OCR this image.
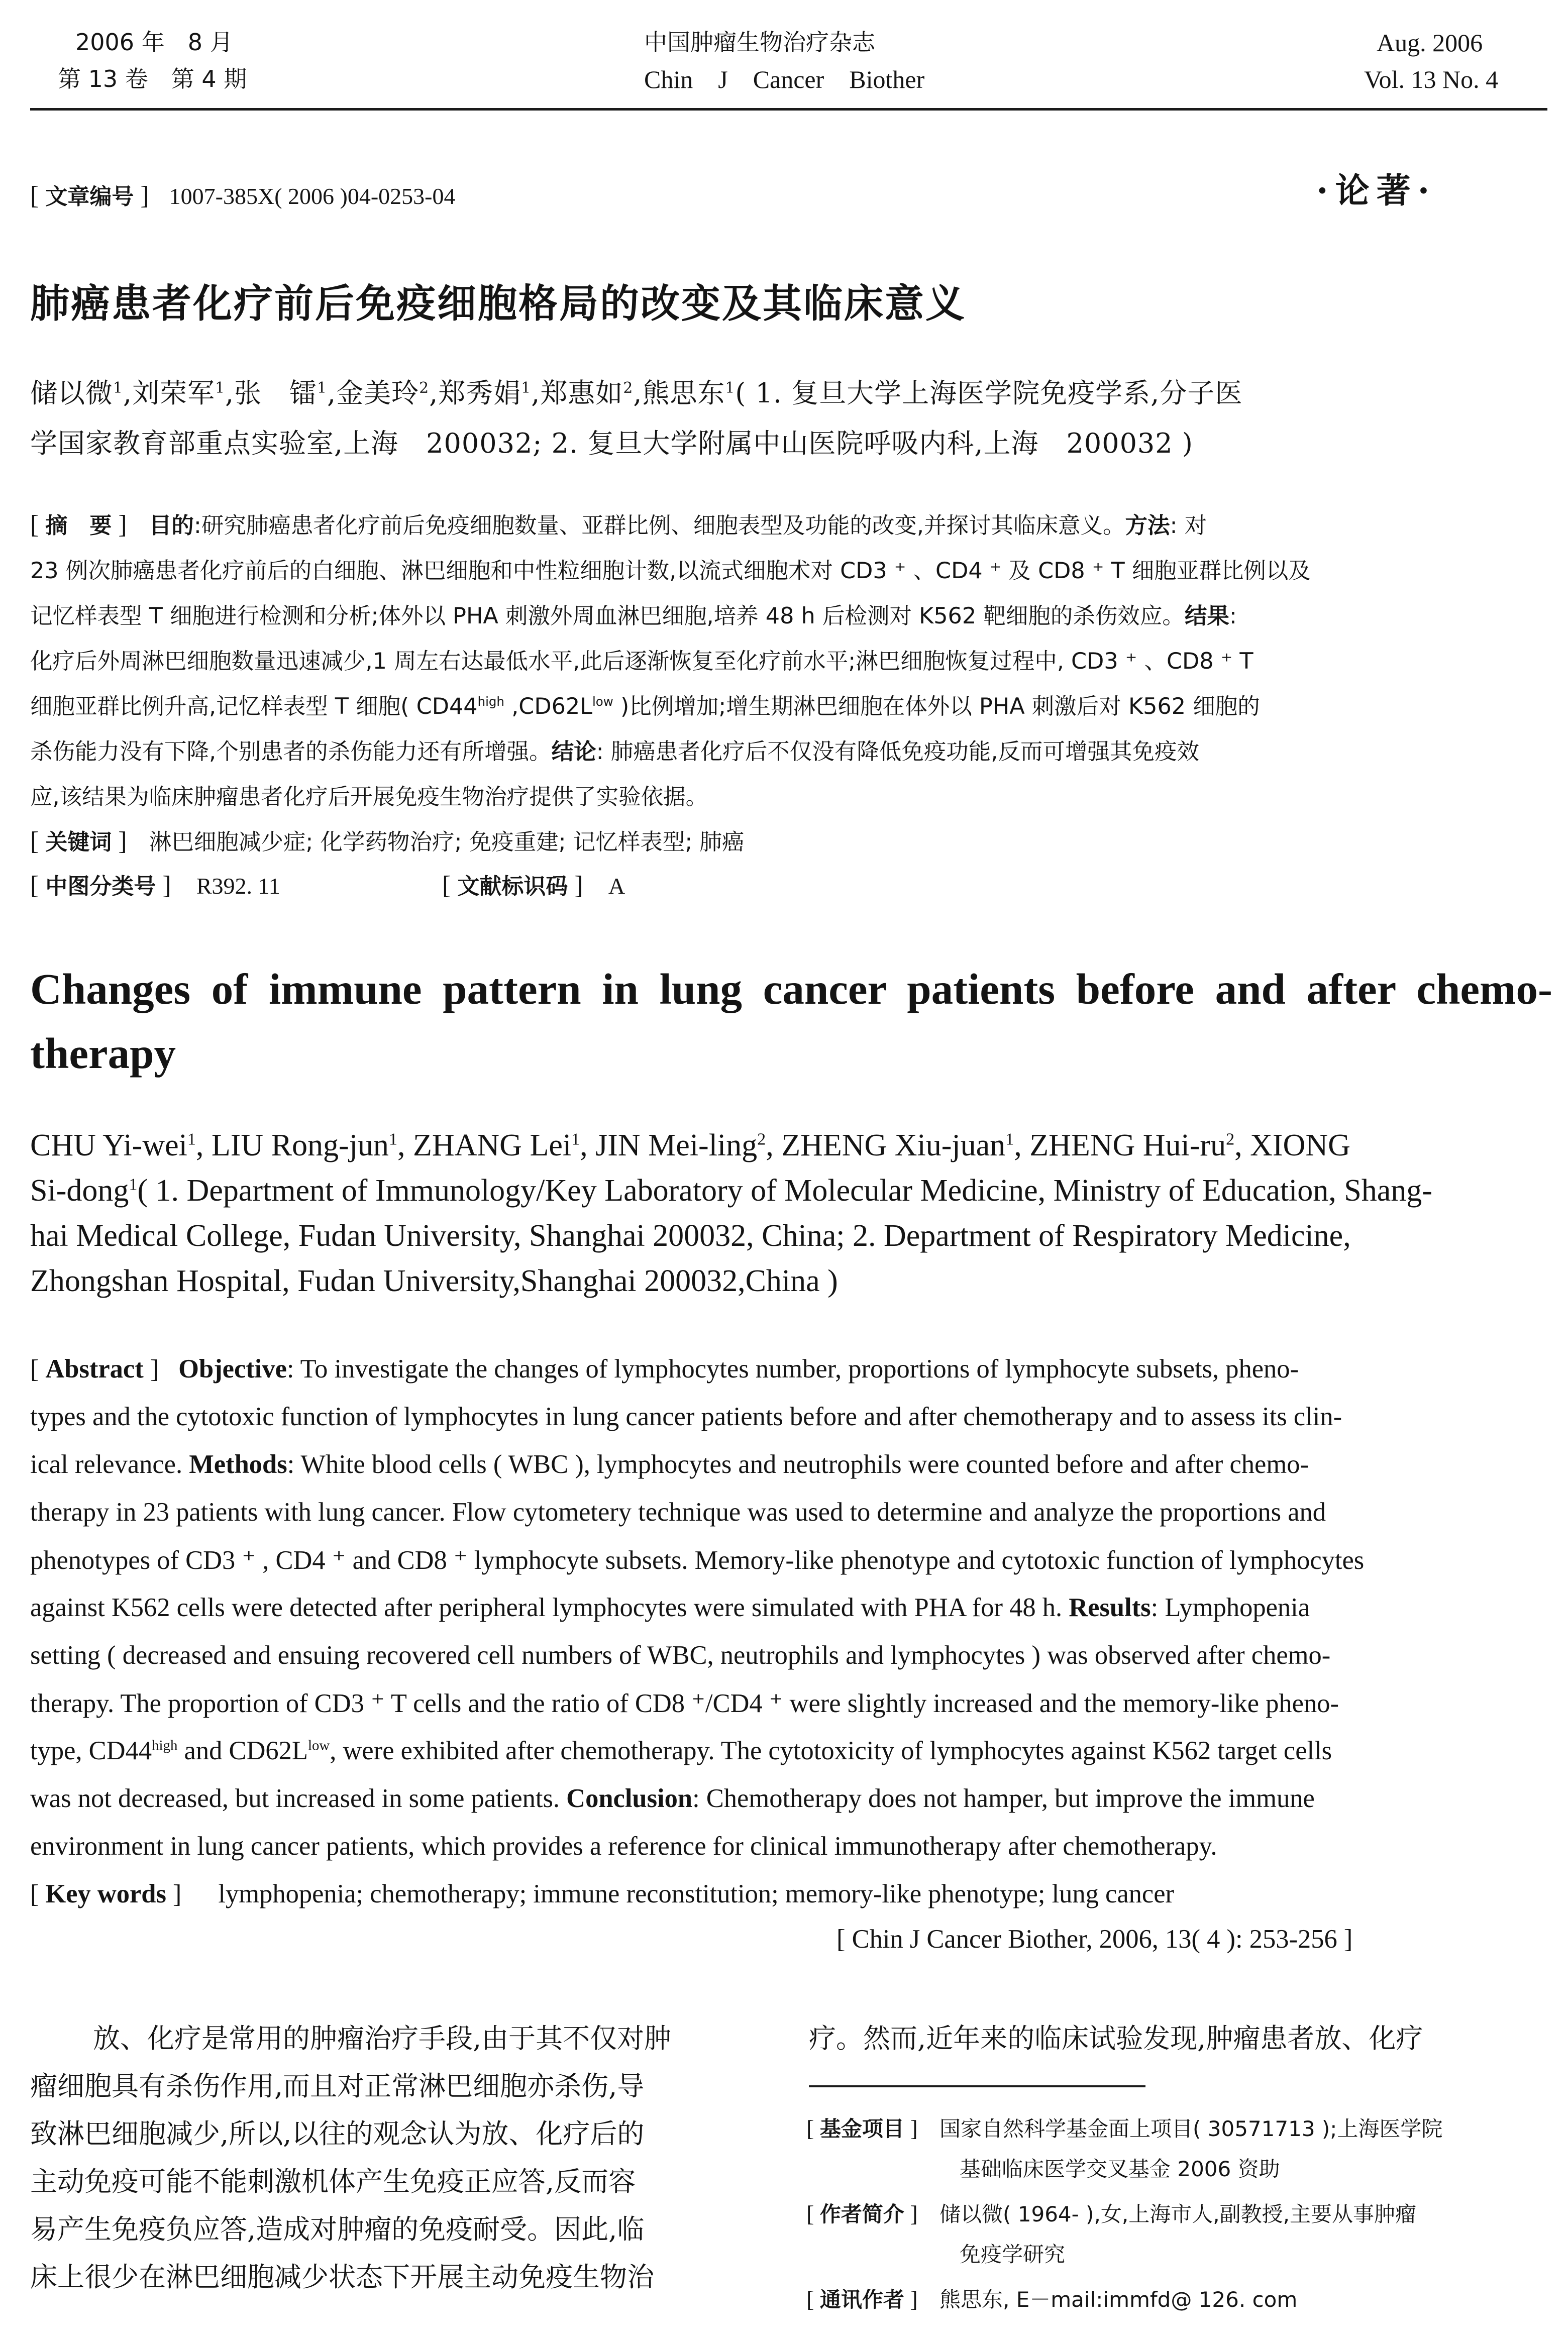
2006 年　8 月
第 13 卷　第 4 期
中国肿瘤生物治疗杂志
Chin　J　Cancer　Biother
Aug. 2006
Vol. 13 No. 4
[ 文章编号 ] 1007-385X( 2006 )04-0253-04	·论著·
肺癌患者化疗前后免疫细胞格局的改变及其临床意义
储以微$^1$,刘荣军$^1$,张　镭$^1$,金美玲$^2$,郑秀娟$^1$,郑惠如$^2$,熊思东$^1$( 1. 复旦大学上海医学院免疫学系,分子医
学国家教育部重点实验室,上海　200032; 2. 复旦大学附属中山医院呼吸内科,上海　200032 )
[ 摘　要 ] 目的:研究肺癌患者化疗前后免疫细胞数量、亚群比例、细胞表型及功能的改变,并探讨其临床意义。方法: 对
23 例次肺癌患者化疗前后的白细胞、淋巴细胞和中性粒细胞计数,以流式细胞术对 CD3 ⁺ 、CD4 ⁺ 及 CD8 ⁺ T 细胞亚群比例以及
记忆样表型 T 细胞进行检测和分析;体外以 PHA 刺激外周血淋巴细胞,培养 48 h 后检测对 K562 靶细胞的杀伤效应。结果:
化疗后外周淋巴细胞数量迅速减少,1 周左右达最低水平,此后逐渐恢复至化疗前水平;淋巴细胞恢复过程中, CD3 ⁺ 、CD8 ⁺ T
细胞亚群比例升高,记忆样表型 T 细胞( $CD44^{high}$ $,CD62L^{low}$ )比例增加;增生期淋巴细胞在体外以 PHA 刺激后对 K562 细胞的
杀伤能力没有下降,个别患者的杀伤能力还有所增强。结论: 肺癌患者化疗后不仅没有降低免疫功能,反而可增强其免疫效
应,该结果为临床肿瘤患者化疗后开展免疫生物治疗提供了实验依据。
[ 关键词 ] 淋巴细胞减少症; 化学药物治疗; 免疫重建; 记忆样表型; 肺癌
[ 中图分类号 ] R392. 11	[ 文献标识码 ] A
Changes of immune pattern in lung cancer patients before and after chemo-therapy
CHU Yi-wei$^1$, LIU Rong-jun$^1$, ZHANG Lei$^1$, JIN Mei-ling$^2$, ZHENG Xiu-juan$^1$, ZHENG Hui-$ru^2$, XIONG
Si-dong$^1$( 1. Department of Immunology/Key Laboratory of Molecular Medicine, Ministry of Education, Shang-
hai Medical College, Fudan University, Shanghai 200032, China; 2. Department of Respiratory Medicine,
Zhongshan Hospital, Fudan University,Shanghai 200032,China )
[ Abstract ] Objective: To investigate the changes of lymphocytes number, proportions of lymphocyte subsets, pheno-
types and the cytotoxic function of lymphocytes in lung cancer patients before and after chemotherapy and to assess its clin-
ical relevance. Methods: White blood cells ( WBC ), lymphocytes and neutrophils were counted before and after chemo-
therapy in 23 patients with lung cancer. Flow cytometery technique was used to determine and analyze the proportions and
phenotypes of CD3 ⁺ , CD4 ⁺ and CD8 ⁺ lymphocyte subsets. Memory-like phenotype and cytotoxic function of lymphocytes
against K562 cells were detected after peripheral lymphocytes were simulated with PHA for 48 h. Results: Lymphopenia
setting ( decreased and ensuing recovered cell numbers of WBC, neutrophils and lymphocytes ) was observed after chemo-
therapy. The proportion of CD3 ⁺ T cells and the ratio of CD8 ⁺/CD4 ⁺ were slightly increased and the memory-like pheno-
type, $CD44^{high}$ and $CD62L^{low}$, were exhibited after chemotherapy. The cytotoxicity of lymphocytes against K562 target cells
was not decreased, but increased in some patients. Conclusion: Chemotherapy does not hamper, but improve the immune
environment in lung cancer patients, which provides a reference for clinical immunotherapy after chemotherapy.
[ Key words ] lymphopenia; chemotherapy; immune reconstitution; memory-like phenotype; lung cancer
[ Chin J Cancer Biother, 2006, 13( 4 ): 253-256 ]
放、化疗是常用的肿瘤治疗手段,由于其不仅对肿
瘤细胞具有杀伤作用,而且对正常淋巴细胞亦杀伤,导
致淋巴细胞减少,所以,以往的观念认为放、化疗后的
主动免疫可能不能刺激机体产生免疫正应答,反而容
易产生免疫负应答,造成对肿瘤的免疫耐受。因此,临
床上很少在淋巴细胞减少状态下开展主动免疫生物治
疗。然而,近年来的临床试验发现,肿瘤患者放、化疗
[ 基金项目 ] 国家自然科学基金面上项目( 30571713 );上海医学院
基础临床医学交叉基金 2006 资助
[ 作者简介 ] 储以微( 1964- ),女,上海市人,副教授,主要从事肿瘤
免疫学研究
[ 通讯作者 ] 熊思东, E－mail:immfd@ 126. com
